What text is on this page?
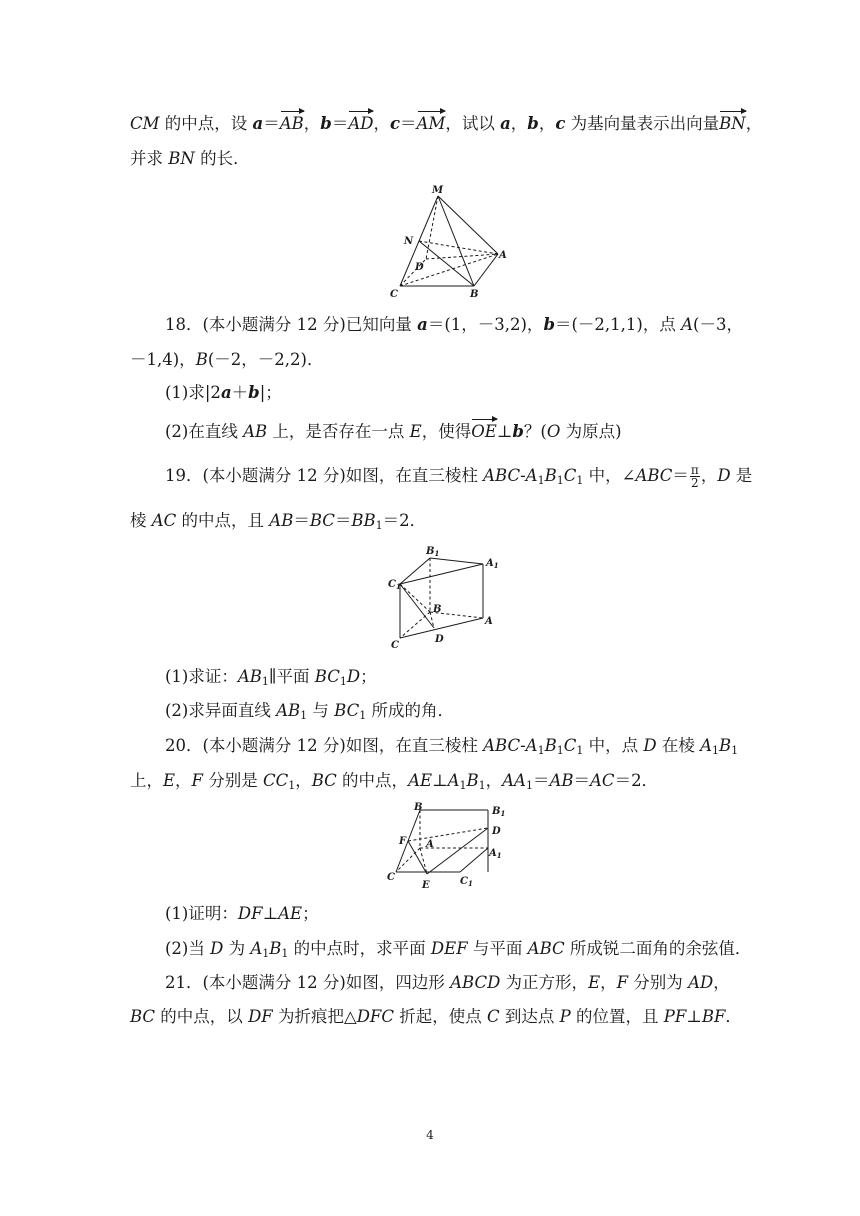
CM 的中点，设 a＝AB，b＝AD，c＝AM，试以 a，b，c 为基向量表示出向量BN，
并求 BN 的长．
M
N
D
A
C	B
18．(本小题满分 12 分)已知向量 a＝(1，－3,2)，b＝(－2,1,1)，点 A(－3，
－1,4)，B(－2，－2,2)．
(1)求|2a＋b|；
(2)在直线 AB 上，是否存在一点 E，使得OE⊥b？(O 为原点)
19．(本小题满分 12 分)如图，在直三棱柱 ABC-$A_1B_1C_1$ 中，∠ABC＝ $\frac{\pi}{2}$ ，D 是
棱 AC 的中点，且 $AB=BC=BB_1=2$．
$B_1$
$A_1$
$C_1$
B
A
C
D
(1)求证：$AB_1\parallel$平面 $BC_1D$；
(2)求异面直线 $AB_1$ 与 $BC_1$ 所成的角．
20．(本小题满分 12 分)如图，在直三棱柱 ABC-$A_1B_1C_1$ 中，点 D 在棱 $A_1B_1$
上，E，F 分别是 $CC_1$，BC 的中点，$AE\perp A_1B_1$，$AA_1=AB=AC=2$．
B	$B_1$
F A
D
$A_1$
C
E	$C_1$
(1)证明：DF⊥AE；
(2)当 D 为 $A_1B_1$ 的中点时，求平面 DEF 与平面 ABC 所成锐二面角的余弦值．
21．(本小题满分 12 分)如图，四边形 ABCD 为正方形，E，F 分别为 AD，
BC 的中点，以 DF 为折痕把△DFC 折起，使点 C 到达点 P 的位置，且 PF⊥BF．
4
